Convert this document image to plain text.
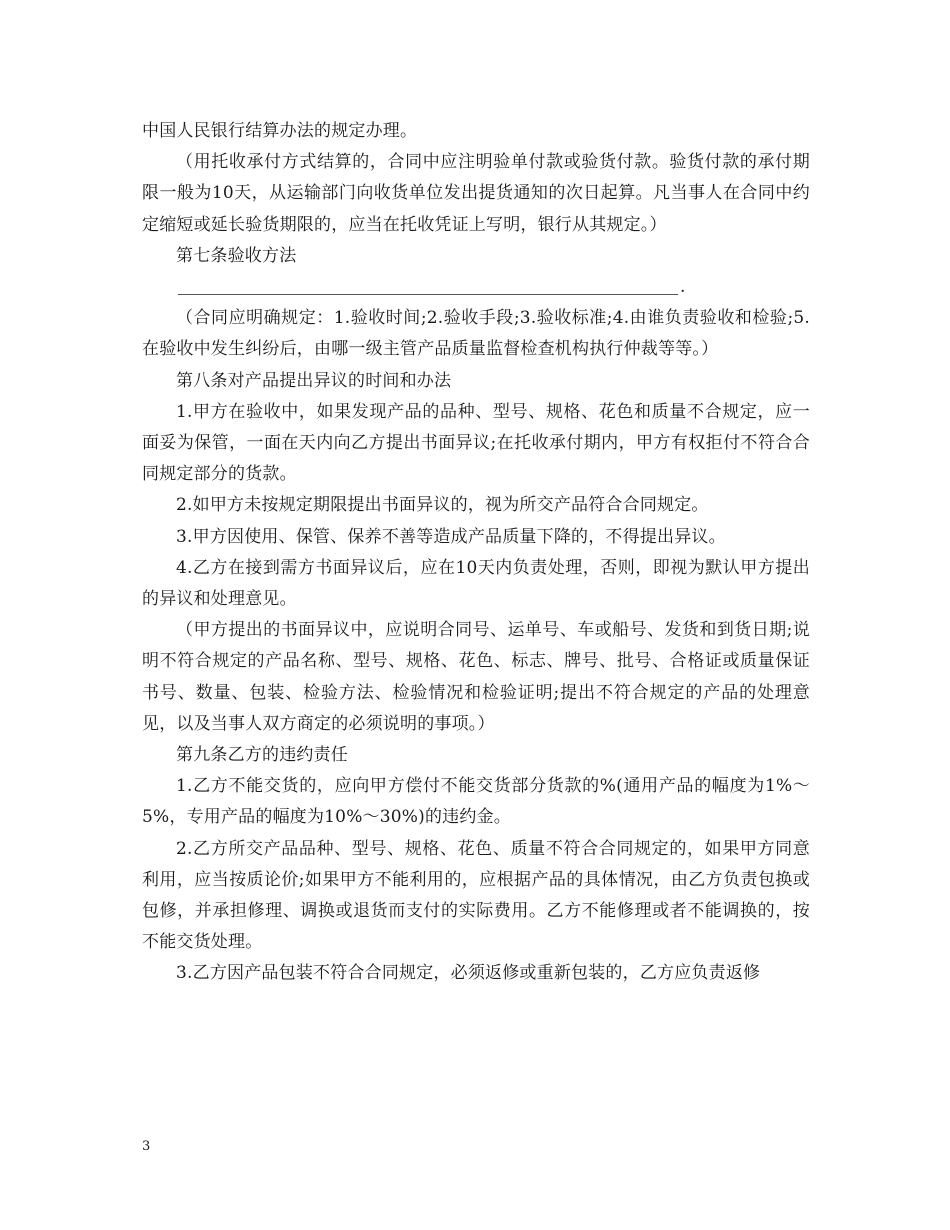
中国人民银行结算办法的规定办理。

（用托收承付方式结算的，合同中应注明验单付款或验货付款。验货付款的承付期限一般为10天，从运输部门向收货单位发出提货通知的次日起算。凡当事人在合同中约定缩短或延长验货期限的，应当在托收凭证上写明，银行从其规定。）

第七条验收方法

.

（合同应明确规定：1.验收时间;2.验收手段;3.验收标准;4.由谁负责验收和检验;5.在验收中发生纠纷后，由哪一级主管产品质量监督检查机构执行仲裁等等。）

第八条对产品提出异议的时间和办法

1.甲方在验收中，如果发现产品的品种、型号、规格、花色和质量不合规定，应一面妥为保管，一面在天内向乙方提出书面异议;在托收承付期内，甲方有权拒付不符合合同规定部分的货款。

2.如甲方未按规定期限提出书面异议的，视为所交产品符合合同规定。

3.甲方因使用、保管、保养不善等造成产品质量下降的，不得提出异议。

4.乙方在接到需方书面异议后，应在10天内负责处理，否则，即视为默认甲方提出的异议和处理意见。

（甲方提出的书面异议中，应说明合同号、运单号、车或船号、发货和到货日期;说明不符合规定的产品名称、型号、规格、花色、标志、牌号、批号、合格证或质量保证书号、数量、包装、检验方法、检验情况和检验证明;提出不符合规定的产品的处理意见，以及当事人双方商定的必须说明的事项。）

第九条乙方的违约责任

1.乙方不能交货的，应向甲方偿付不能交货部分货款的%(通用产品的幅度为1%～5%，专用产品的幅度为10%～30%)的违约金。

2.乙方所交产品品种、型号、规格、花色、质量不符合合同规定的，如果甲方同意利用，应当按质论价;如果甲方不能利用的，应根据产品的具体情况，由乙方负责包换或包修，并承担修理、调换或退货而支付的实际费用。乙方不能修理或者不能调换的，按不能交货处理。

3.乙方因产品包装不符合合同规定，必须返修或重新包装的，乙方应负责返修

3
